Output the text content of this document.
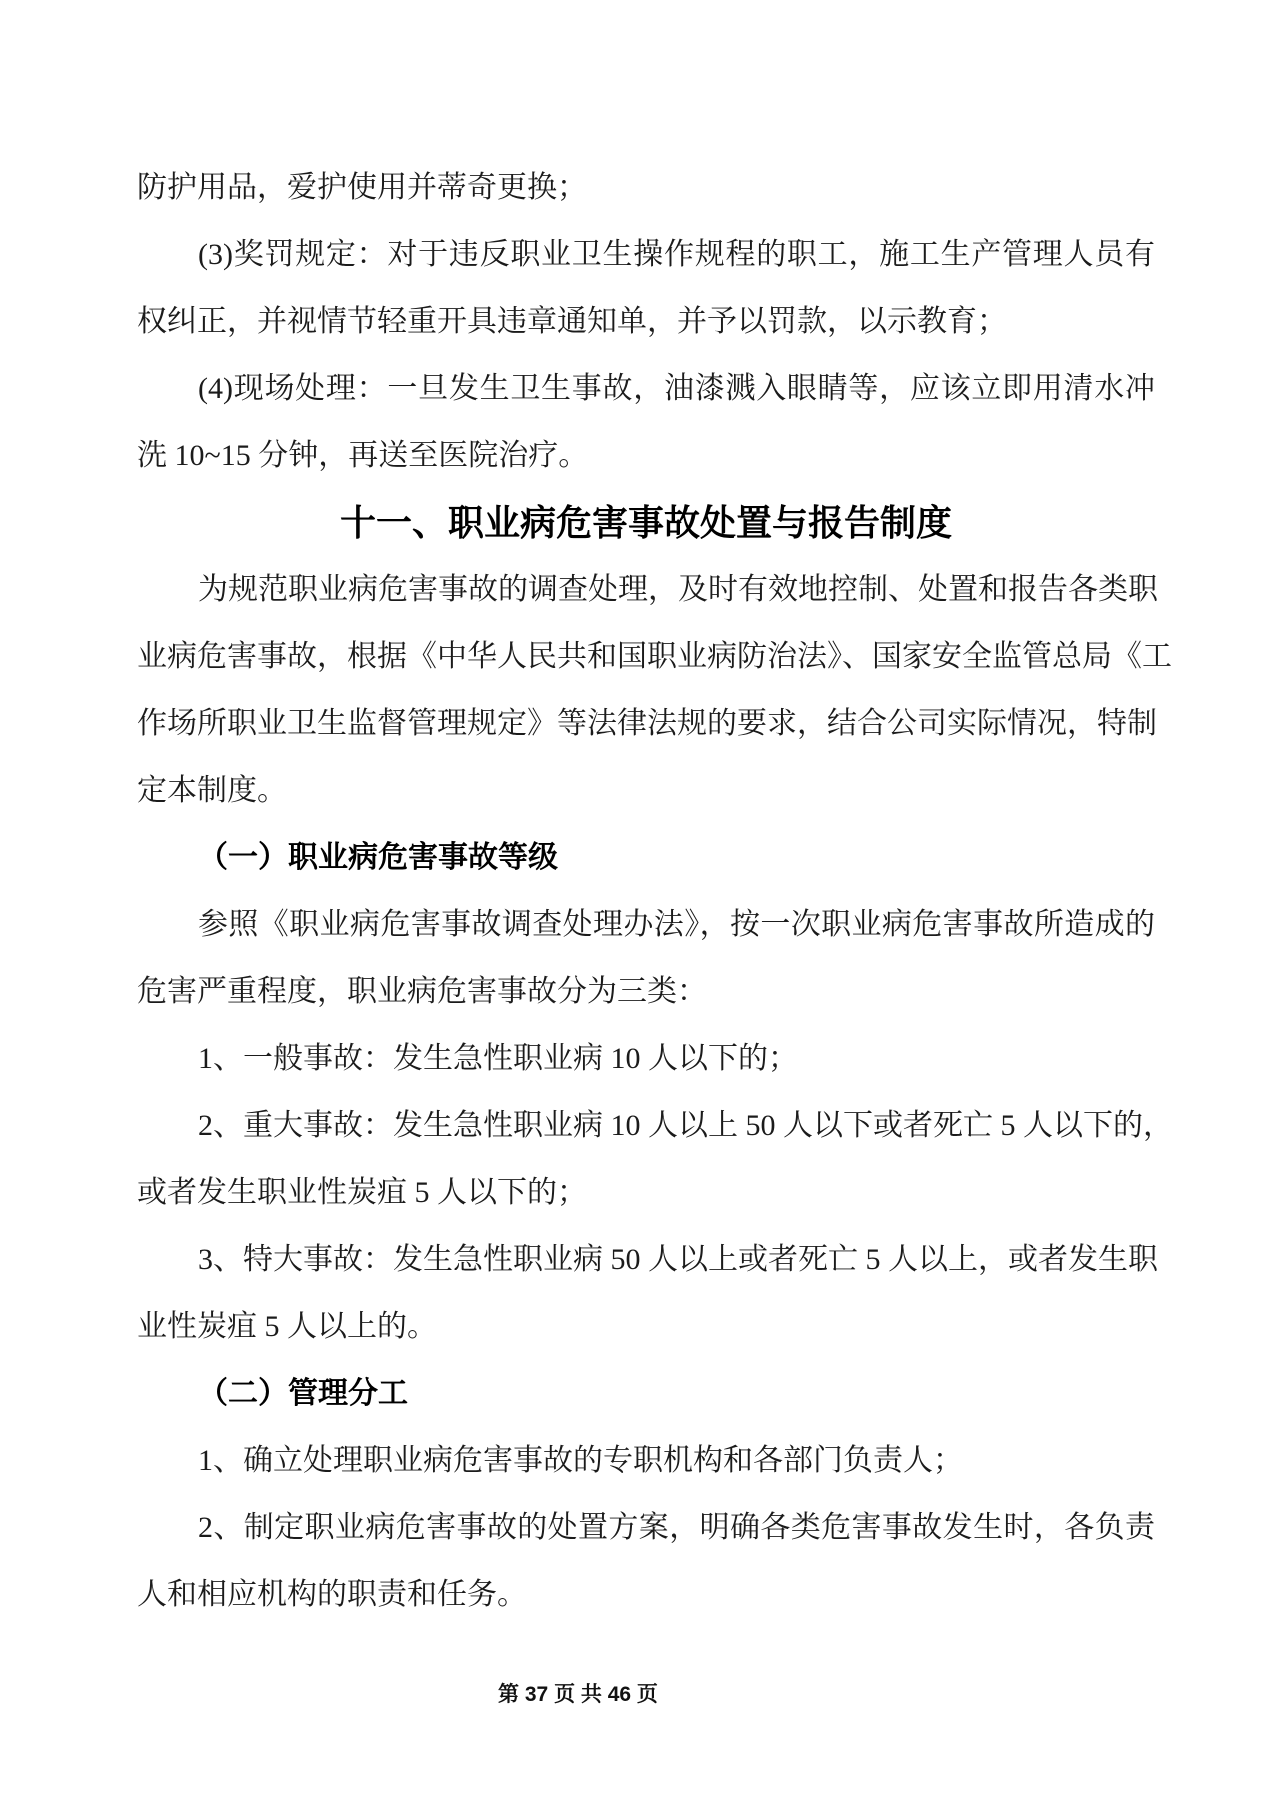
防护用品，爱护使用并蒂奇更换；
(3)奖罚规定：对于违反职业卫生操作规程的职工，施工生产管理人员有
权纠正，并视情节轻重开具违章通知单，并予以罚款，以示教育；
(4)现场处理：一旦发生卫生事故，油漆溅入眼睛等，应该立即用清水冲
洗 10~15 分钟，再送至医院治疗。
十一、职业病危害事故处置与报告制度
为规范职业病危害事故的调查处理，及时有效地控制、处置和报告各类职
业病危害事故，根据《中华人民共和国职业病防治法》、国家安全监管总局《工
作场所职业卫生监督管理规定》等法律法规的要求，结合公司实际情况，特制
定本制度。
（一）职业病危害事故等级
参照《职业病危害事故调查处理办法》，按一次职业病危害事故所造成的
危害严重程度，职业病危害事故分为三类：
1、一般事故：发生急性职业病 10 人以下的；
2、重大事故：发生急性职业病 10 人以上 50 人以下或者死亡 5 人以下的，
或者发生职业性炭疽 5 人以下的；
3、特大事故：发生急性职业病 50 人以上或者死亡 5 人以上，或者发生职
业性炭疽 5 人以上的。
（二）管理分工
1、确立处理职业病危害事故的专职机构和各部门负责人；
2、制定职业病危害事故的处置方案，明确各类危害事故发生时，各负责
人和相应机构的职责和任务。
第 37 页 共 46 页
